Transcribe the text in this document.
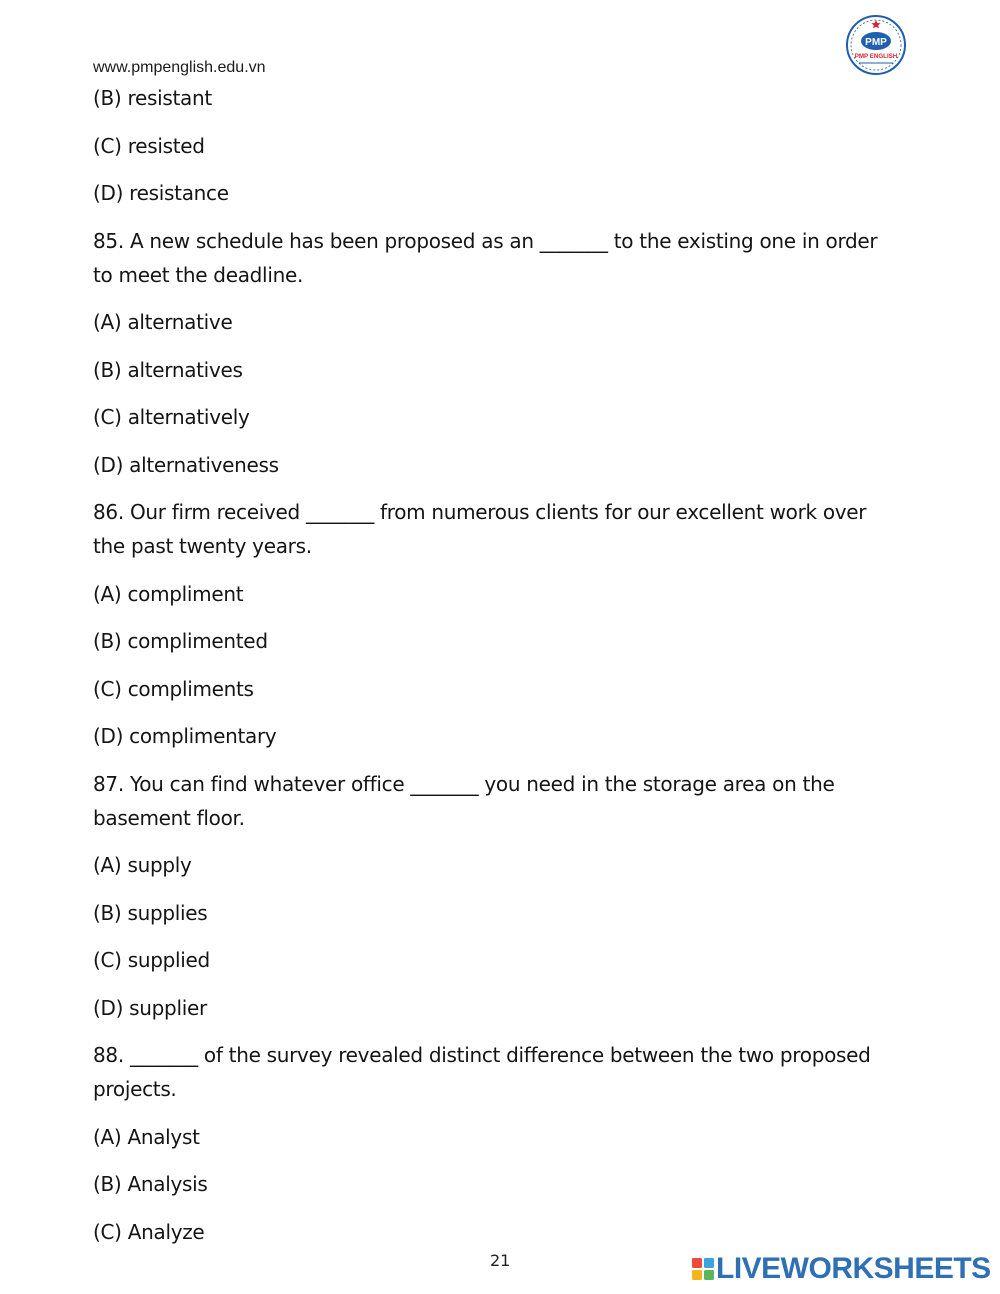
www.pmpenglish.edu.vn
PMP
PMP ENGLISH
(B) resistant
(C) resisted
(D) resistance
85. A new schedule has been proposed as an _______ to the existing one in order
to meet the deadline.
(A) alternative
(B) alternatives
(C) alternatively
(D) alternativeness
86. Our firm received _______ from numerous clients for our excellent work over
the past twenty years.
(A) compliment
(B) complimented
(C) compliments
(D) complimentary
87. You can find whatever office _______ you need in the storage area on the
basement floor.
(A) supply
(B) supplies
(C) supplied
(D) supplier
88. _______ of the survey revealed distinct difference between the two proposed
projects.
(A) Analyst
(B) Analysis
(C) Analyze
21	LIVEWORKSHEETS
